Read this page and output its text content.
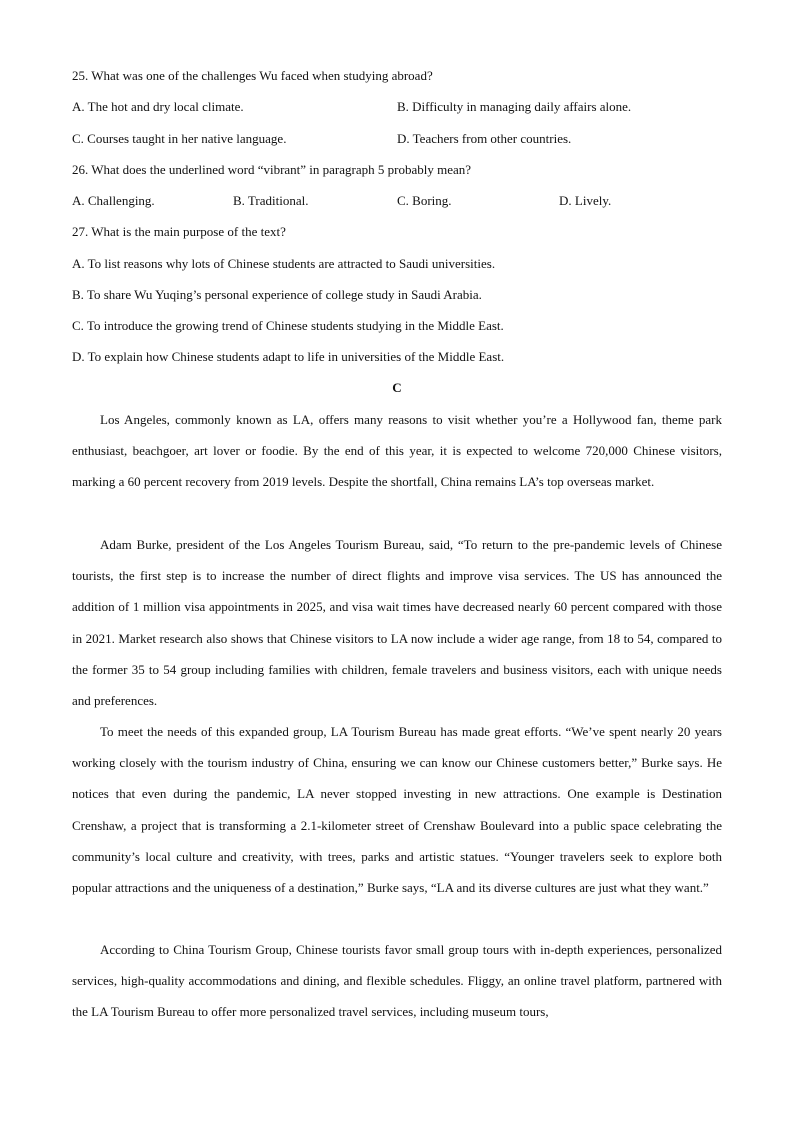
25. What was one of the challenges Wu faced when studying abroad?
A. The hot and dry local climate.	B. Difficulty in managing daily affairs alone.
C. Courses taught in her native language.	D. Teachers from other countries.
26. What does the underlined word “vibrant” in paragraph 5 probably mean?
A. Challenging.	B. Traditional.	C. Boring.	D. Lively.
27. What is the main purpose of the text?
A. To list reasons why lots of Chinese students are attracted to Saudi universities.
B. To share Wu Yuqing’s personal experience of college study in Saudi Arabia.
C. To introduce the growing trend of Chinese students studying in the Middle East.
D. To explain how Chinese students adapt to life in universities of the Middle East.
C

Los Angeles, commonly known as LA, offers many reasons to visit whether you’re a Hollywood fan, theme park enthusiast, beachgoer, art lover or foodie. By the end of this year, it is expected to welcome 720,000 Chinese visitors, marking a 60 percent recovery from 2019 levels. Despite the shortfall, China remains LA’s top overseas market.

Adam Burke, president of the Los Angeles Tourism Bureau, said, “To return to the pre-pandemic levels of Chinese tourists, the first step is to increase the number of direct flights and improve visa services. The US has announced the addition of 1 million visa appointments in 2025, and visa wait times have decreased nearly 60 percent compared with those in 2021. Market research also shows that Chinese visitors to LA now include a wider age range, from 18 to 54, compared to the former 35 to 54 group including families with children, female travelers and business visitors, each with unique needs and preferences.

To meet the needs of this expanded group, LA Tourism Bureau has made great efforts. “We’ve spent nearly 20 years working closely with the tourism industry of China, ensuring we can know our Chinese customers better,” Burke says. He notices that even during the pandemic, LA never stopped investing in new attractions. One example is Destination Crenshaw, a project that is transforming a 2.1-kilometer street of Crenshaw Boulevard into a public space celebrating the community’s local culture and creativity, with trees, parks and artistic statues. “Younger travelers seek to explore both popular attractions and the uniqueness of a destination,” Burke says, “LA and its diverse cultures are just what they want.”

According to China Tourism Group, Chinese tourists favor small group tours with in-depth experiences, personalized services, high-quality accommodations and dining, and flexible schedules. Fliggy, an online travel platform, partnered with the LA Tourism Bureau to offer more personalized travel services, including museum tours,
